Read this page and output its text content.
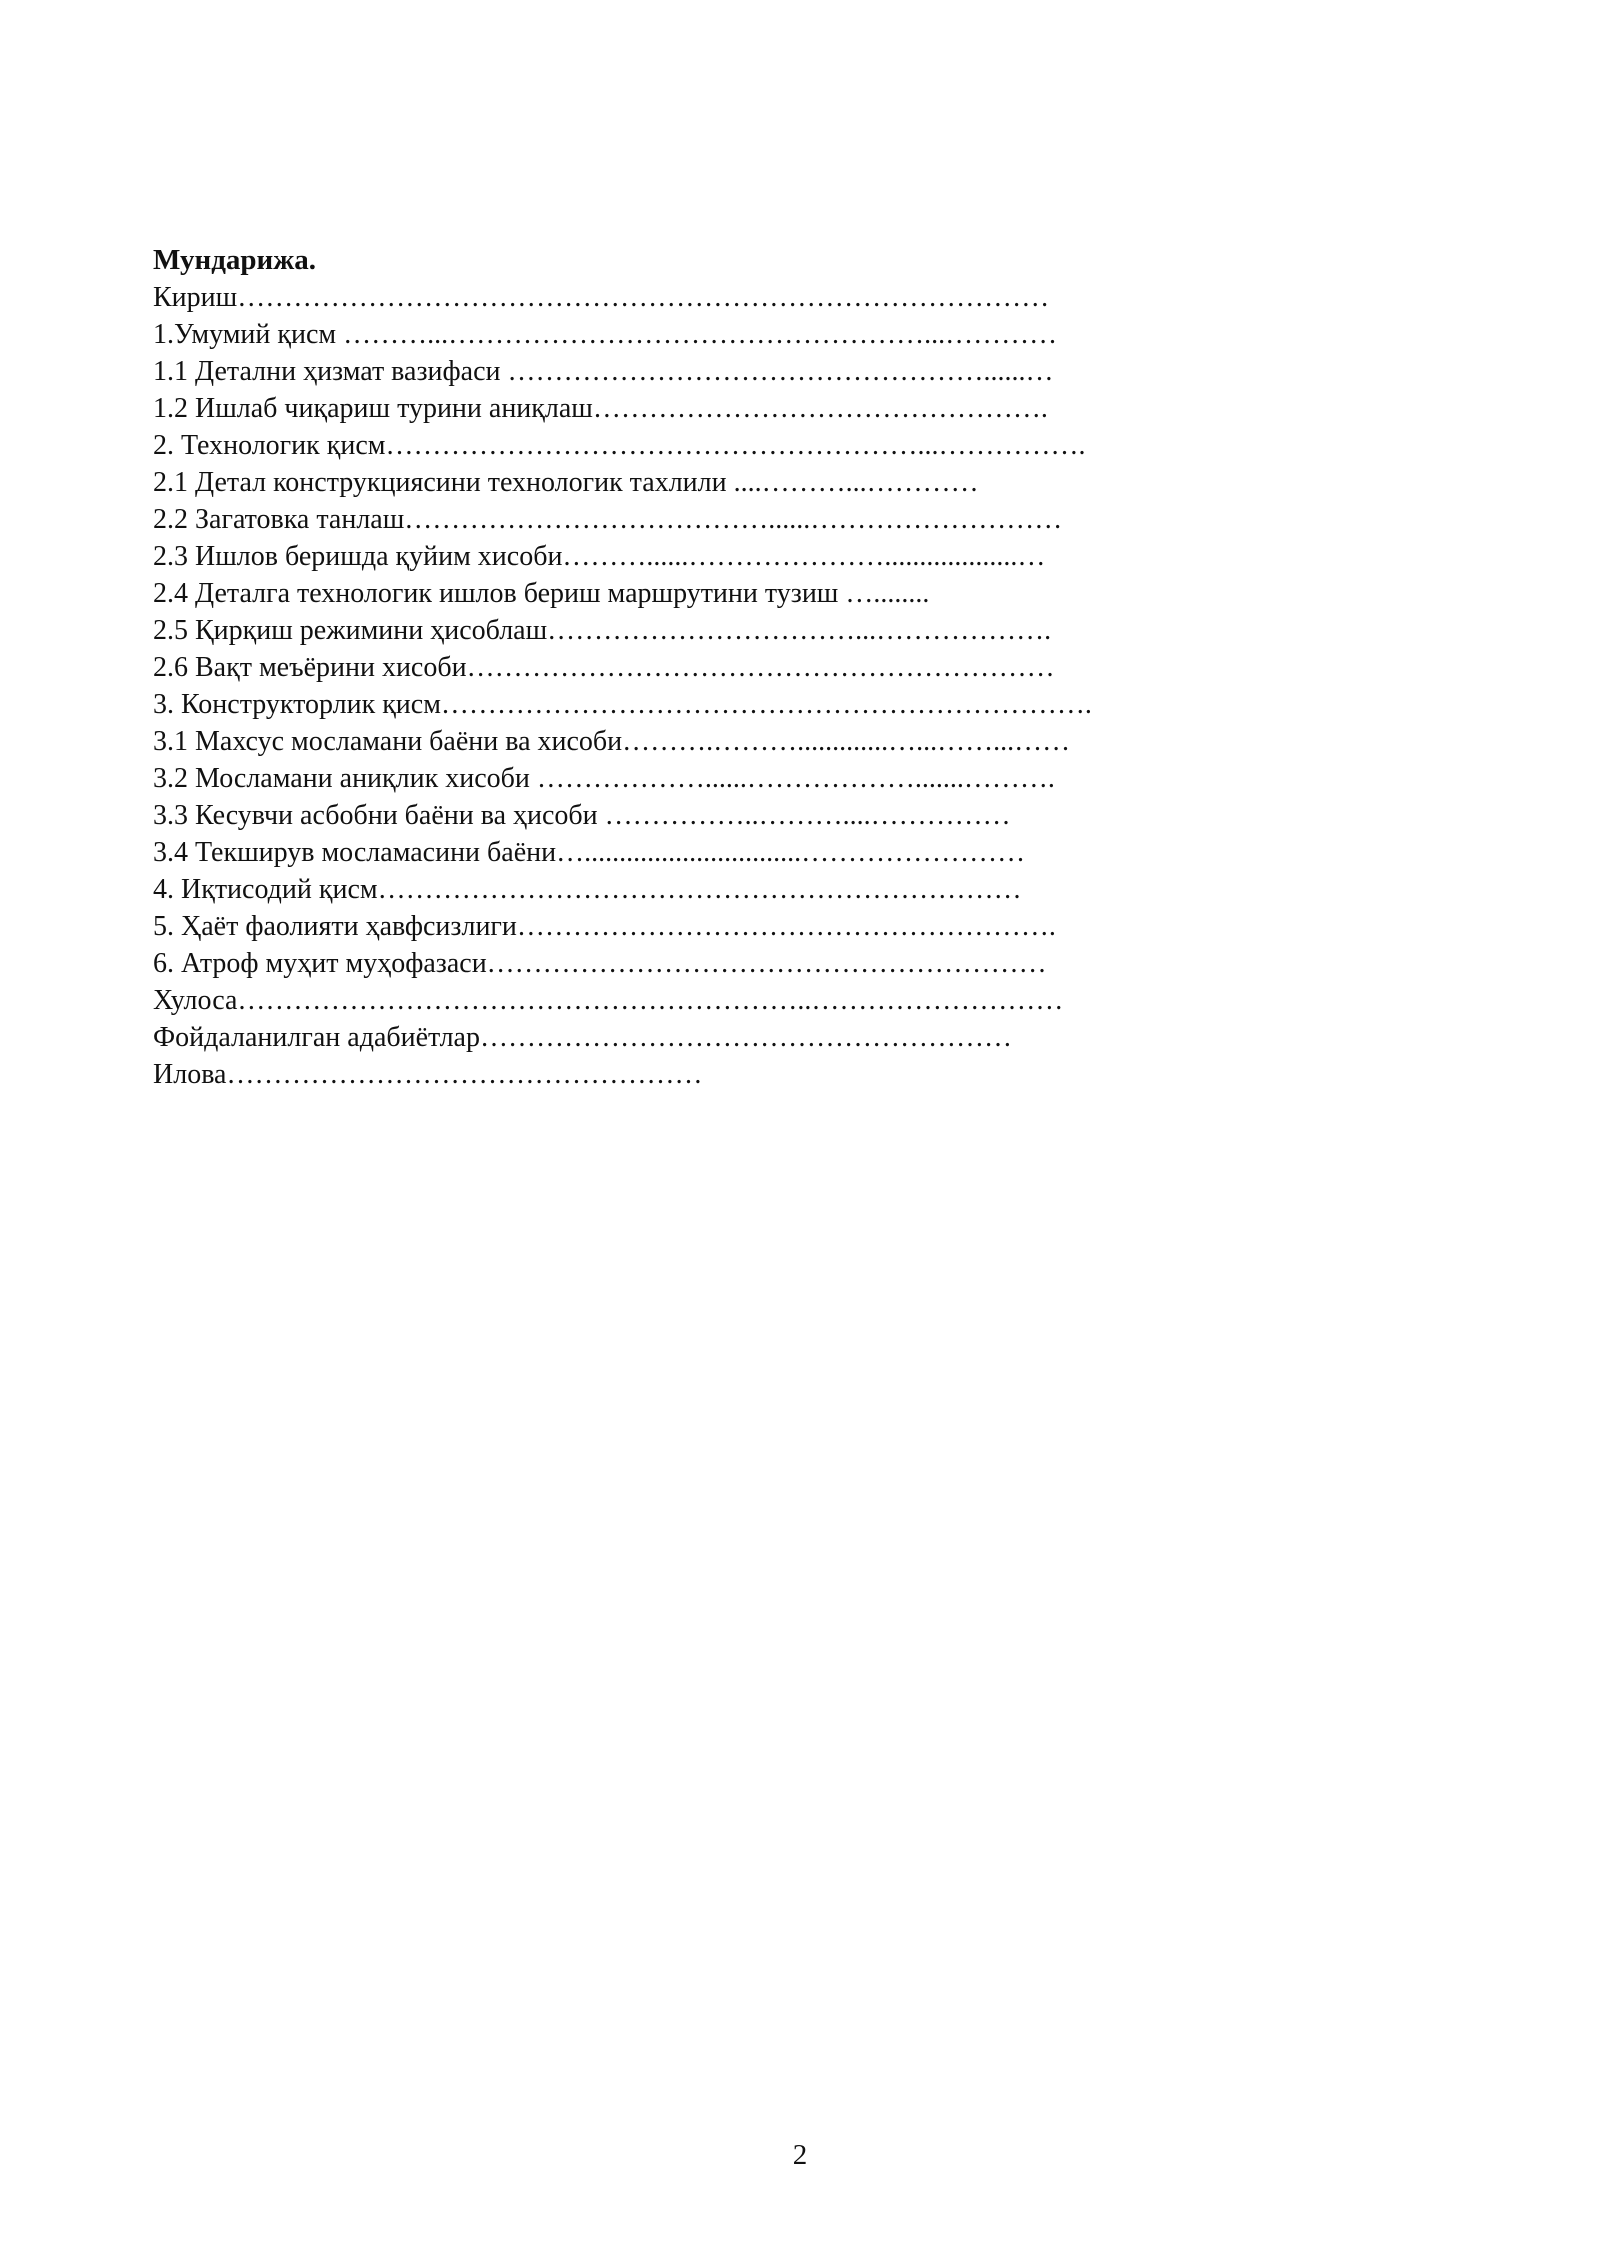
Мундарижа.
Кириш……………………………………………………………………………
1.Умумий қисм ………...……………………………………………...…………
1.1 Детални ҳизмат вазифаси ……………………………………………......…
1.2 Ишлаб чиқариш турини аниқлаш………………………………………….
2. Технологик қисм…………………………………………………...…………….
2.1 Детал конструкциясини технологик тахлили ....………...…………
2.2 Загатовка танлаш…………………………………......………………………
2.3 Ишлов беришда қуйим хисоби………......…………………...................…
2.4 Деталга технологик ишлов бериш маршрутини тузиш …........
2.5 Қирқиш режимини ҳисоблаш……………………………...……………….
2.6 Вақт меъёрини хисоби………………………………………………………
3. Конструкторлик қисм…………………………………………………………….
3.1 Махсус мосламани баёни ва хисоби……….……….............…...……...……
3.2 Мосламани аниқлик хисоби ………………......……………….......……….
3.3 Кесувчи асбобни баёни ва ҳисоби ……………..………....……………
3.4 Текширув мосламасини баёни…...............................……………………
4. Иқтисодий қисм……………………………………………………………
5. Ҳаёт фаолияти ҳавфсизлиги………………………………………………….
6. Атроф муҳит муҳофазаси……………………………………………………
Хулоса……………………………………………………..………………………
Фойдаланилган адабиётлар…………………………………………………
Илова……………………………………………
2
